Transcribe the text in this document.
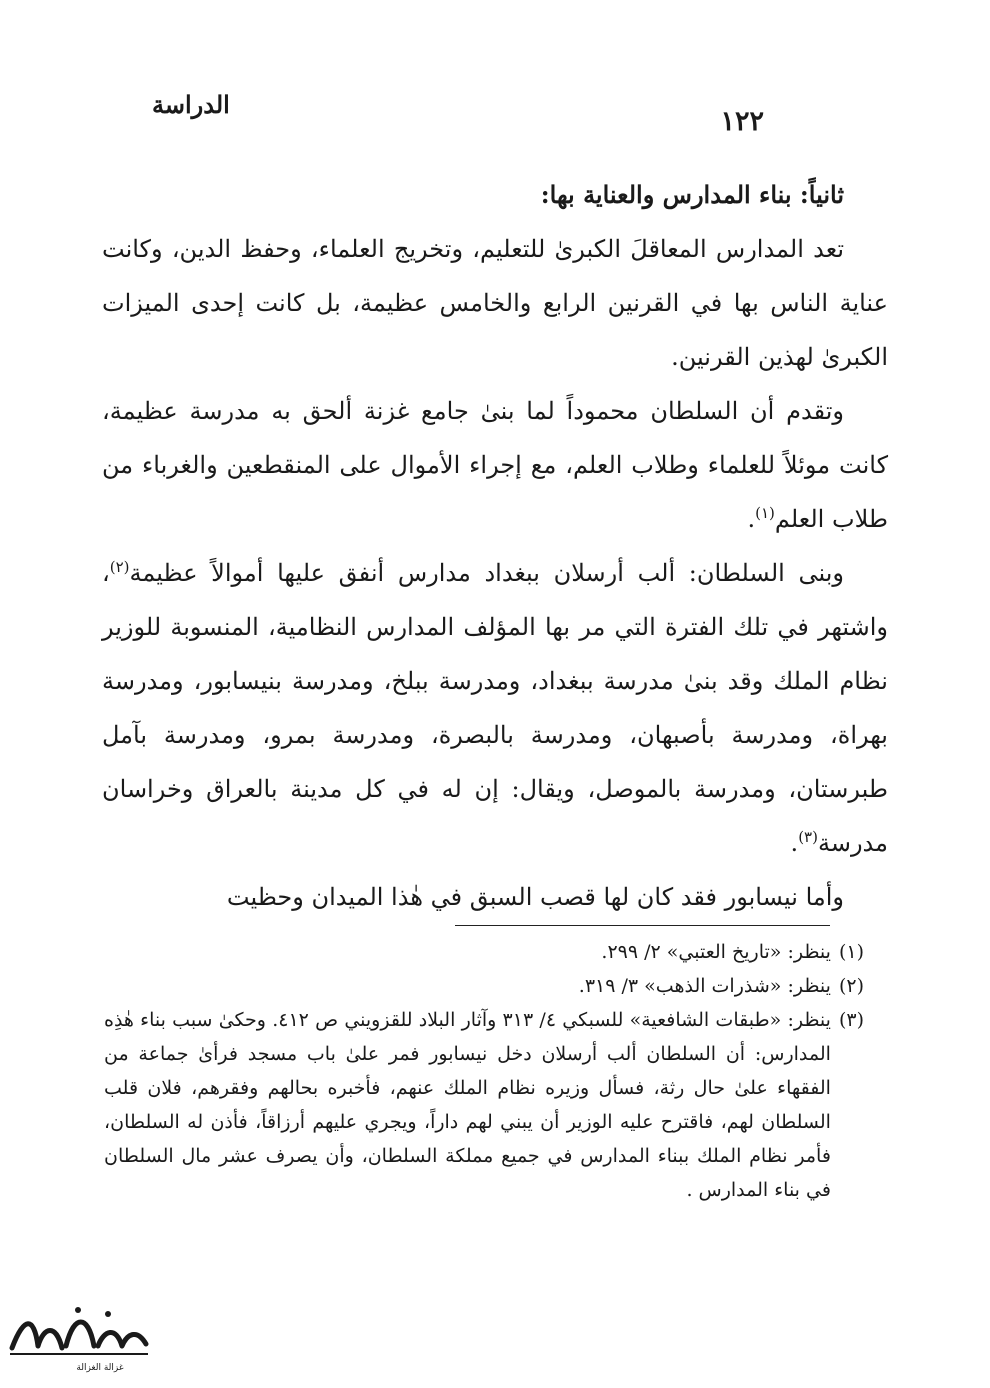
١٢٢
الدراسة
ثانياً: بناء المدارس والعناية بها:

تعد المدارس المعاقلَ الكبرىٰ للتعليم، وتخريج العلماء، وحفظ الدين، وكانت عناية الناس بها في القرنين الرابع والخامس عظيمة، بل كانت إحدى الميزات الكبرىٰ لهذين القرنين.

وتقدم أن السلطان محموداً لما بنىٰ جامع غزنة ألحق به مدرسة عظيمة، كانت موئلاً للعلماء وطلاب العلم، مع إجراء الأموال على المنقطعين والغرباء من طلاب العلم$^{(١)}$.

وبنى السلطان: ألب أرسلان ببغداد مدارس أنفق عليها أموالاً عظيمة$^{(٢)}$، واشتهر في تلك الفترة التي مر بها المؤلف المدارس النظامية، المنسوبة للوزير نظام الملك وقد بنىٰ مدرسة ببغداد، ومدرسة ببلخ، ومدرسة بنيسابور، ومدرسة بهراة، ومدرسة بأصبهان، ومدرسة بالبصرة، ومدرسة بمرو، ومدرسة بآمل طبرستان، ومدرسة بالموصل، ويقال: إن له في كل مدينة بالعراق وخراسان مدرسة$^{(٣)}$.

وأما نيسابور فقد كان لها قصب السبق في هٰذا الميدان وحظيت

(١)
ينظر: «تاريخ العتبي» ٢/ ٢٩٩.

(٢)
ينظر: «شذرات الذهب» ٣/ ٣١٩.

(٣)
ينظر: «طبقات الشافعية» للسبكي ٤/ ٣١٣ وآثار البلاد للقزويني ص ٤١٢. وحكىٰ سبب بناء هٰذِه المدارس: أن السلطان ألب أرسلان دخل نيسابور فمر علىٰ باب مسجد فرأىٰ جماعة من الفقهاء علىٰ حال رثة، فسأل وزيره نظام الملك عنهم، فأخبره بحالهم وفقرهم، فلان قلب السلطان لهم، فاقترح عليه الوزير أن يبني لهم داراً، ويجري عليهم أرزاقاً، فأذن له السلطان، فأمر نظام الملك ببناء المدارس في جميع مملكة السلطان، وأن يصرف عشر مال السلطان في بناء المدارس .

غزالة الغزالة
